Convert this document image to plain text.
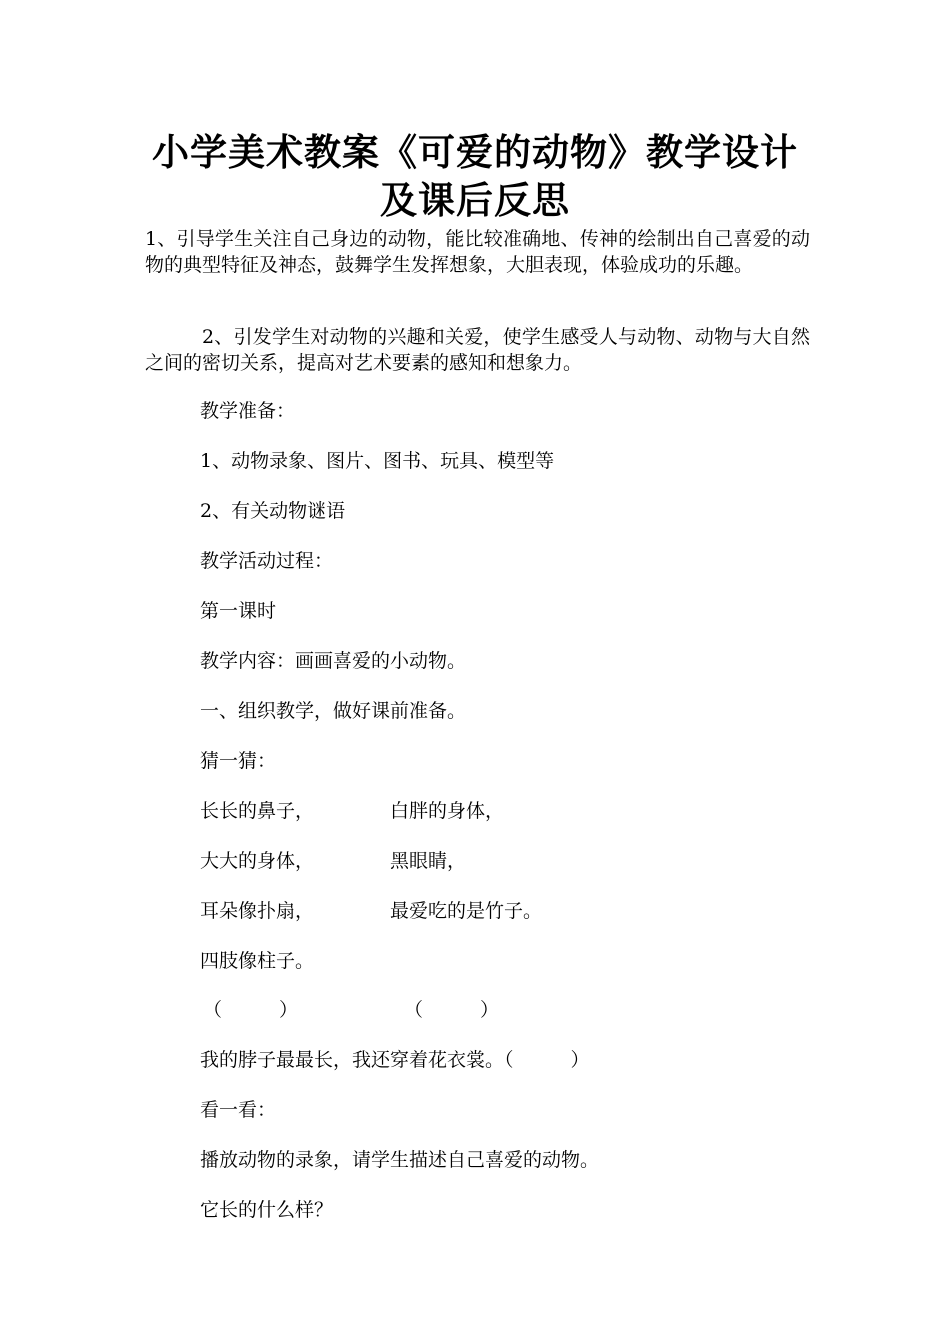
小学美术教案《可爱的动物》教学设计
及课后反思

1、引导学生关注自己身边的动物，能比较准确地、传神的绘制出自己喜爱的动物的典型特征及神态，鼓舞学生发挥想象，大胆表现，体验成功的乐趣。

2、引发学生对动物的兴趣和关爱，使学生感受人与动物、动物与大自然之间的密切关系，提高对艺术要素的感知和想象力。

教学准备：
1、动物录象、图片、图书、玩具、模型等
2、有关动物谜语
教学活动过程：
第一课时
教学内容：画画喜爱的小动物。
一、组织教学，做好课前准备。
猜一猜：
长长的鼻子，	白胖的身体，
大大的身体，	黑眼睛，
耳朵像扑扇，	最爱吃的是竹子。
四肢像柱子。
（　　　）	（　　　）
我的脖子最最长，我还穿着花衣裳。（　　　）
看一看：
播放动物的录象，请学生描述自己喜爱的动物。
它长的什么样？
